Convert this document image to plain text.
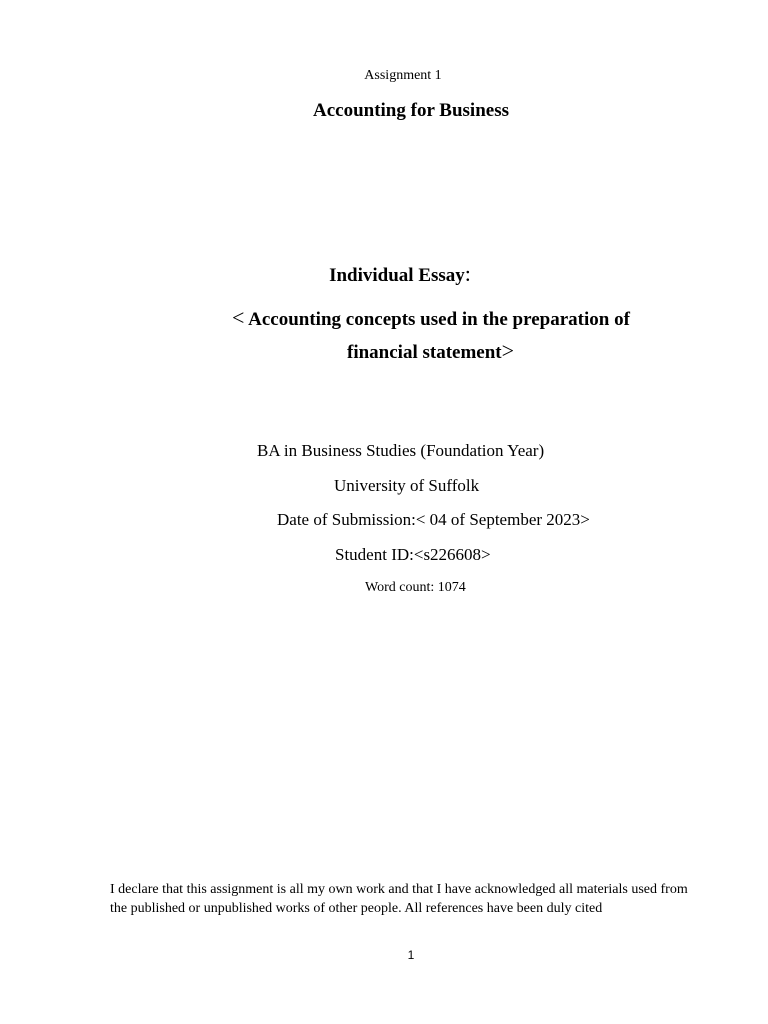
Assignment 1
Accounting for Business
Individual Essay:
< Accounting concepts used in the preparation of
financial statement>
BA in Business Studies (Foundation Year)
University of Suffolk
Date of Submission:< 04 of September 2023>
Student ID:<s226608>
Word count: 1074
I declare that this assignment is all my own work and that I have acknowledged all materials used from the published or unpublished works of other people. All references have been duly cited
1
